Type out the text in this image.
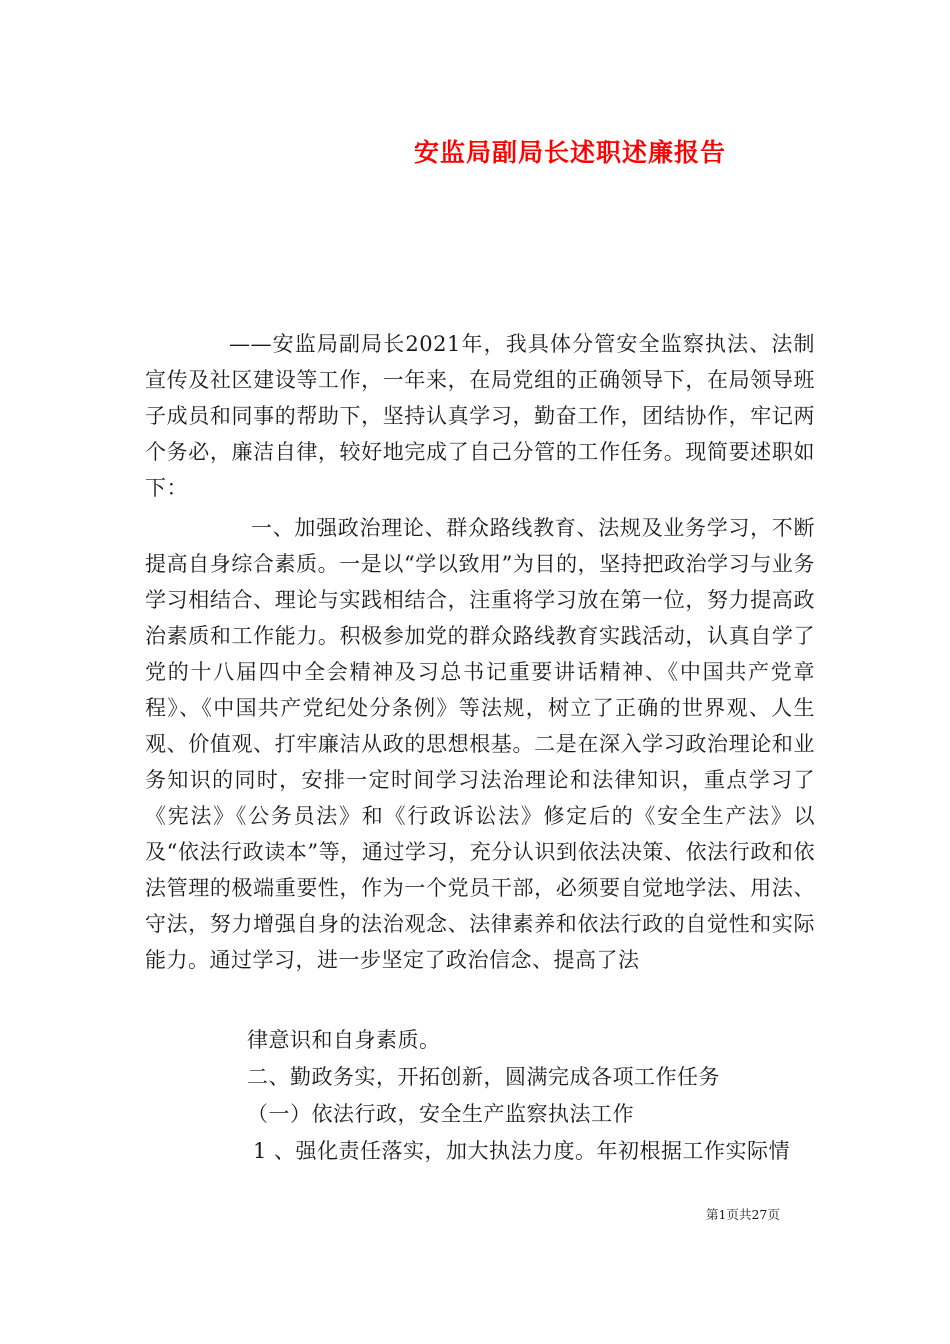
安监局副局长述职述廉报告

——安监局副局长2021年，我具体分管安全监察执法、法制宣传及社区建设等工作，一年来，在局党组的正确领导下，在局领导班子成员和同事的帮助下，坚持认真学习，勤奋工作，团结协作，牢记两个务必，廉洁自律，较好地完成了自己分管的工作任务。现简要述职如下：

一、加强政治理论、群众路线教育、法规及业务学习，不断提高自身综合素质。一是以“学以致用”为目的，坚持把政治学习与业务学习相结合、理论与实践相结合，注重将学习放在第一位，努力提高政治素质和工作能力。积极参加党的群众路线教育实践活动，认真自学了党的十八届四中全会精神及习总书记重要讲话精神、《中国共产党章程》、《中国共产党纪处分条例》等法规，树立了正确的世界观、人生观、价值观、打牢廉洁从政的思想根基。二是在深入学习政治理论和业务知识的同时，安排一定时间学习法治理论和法律知识，重点学习了《宪法》《公务员法》和《行政诉讼法》修定后的《安全生产法》以及“依法行政读本”等，通过学习，充分认识到依法决策、依法行政和依法管理的极端重要性，作为一个党员干部，必须要自觉地学法、用法、守法，努力增强自身的法治观念、法律素养和依法行政的自觉性和实际能力。通过学习，进一步坚定了政治信念、提高了法

律意识和自身素质。

二、勤政务实，开拓创新，圆满完成各项工作任务

（一）依法行政，安全生产监察执法工作

1 、强化责任落实，加大执法力度。年初根据工作实际情

第1页共27页
